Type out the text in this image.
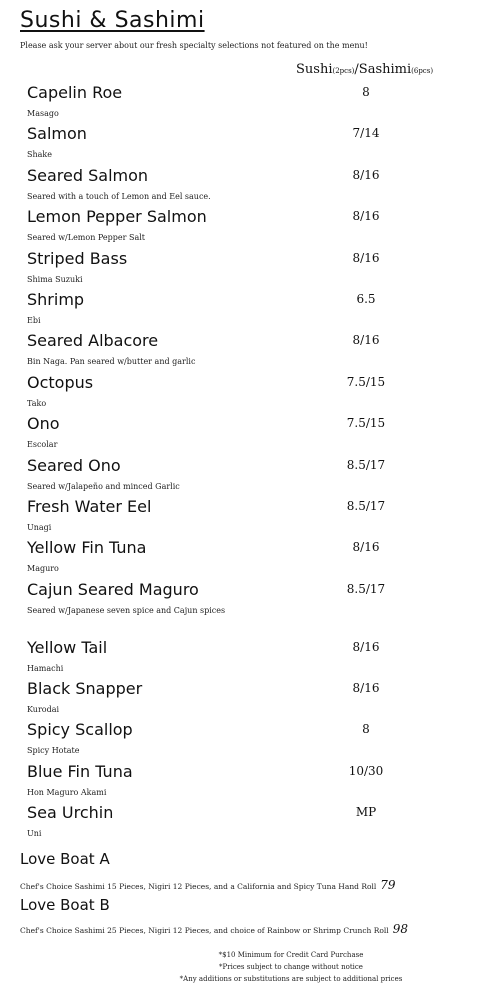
Sushi & Sashimi
Please ask your server about our fresh specialty selections not featured on the menu!
Sushi(2pcs)/Sashimi(6pcs)
Capelin Roe
Masago
8
Salmon
Shake
7/14
Seared Salmon
Seared with a touch of Lemon and Eel sauce.
8/16
Lemon Pepper Salmon
Seared w/Lemon Pepper Salt
8/16
Striped Bass
Shima Suzuki
8/16
Shrimp
Ebi
6.5
Seared Albacore
Bin Naga. Pan seared w/butter and garlic
8/16
Octopus
Tako
7.5/15
Ono
Escolar
7.5/15
Seared Ono
Seared w/Jalapeño and minced Garlic
8.5/17
Fresh Water Eel
Unagi
8.5/17
Yellow Fin Tuna
Maguro
8/16
Cajun Seared Maguro
Seared w/Japanese seven spice and Cajun spices
8.5/17
Yellow Tail
Hamachi
8/16
Black Snapper
Kurodai
8/16
Spicy Scallop
Spicy Hotate
8
Blue Fin Tuna
Hon Maguro Akami
10/30
Sea Urchin
Uni
MP
Love Boat A
Chef's Choice Sashimi 15 Pieces, Nigiri 12 Pieces, and a California and Spicy Tuna Hand Roll 79
Love Boat B
Chef's Choice Sashimi 25 Pieces, Nigiri 12 Pieces, and choice of Rainbow or Shrimp Crunch Roll 98
*$10 Minimum for Credit Card Purchase
*Prices subject to change without notice
*Any additions or substitutions are subject to additional prices
